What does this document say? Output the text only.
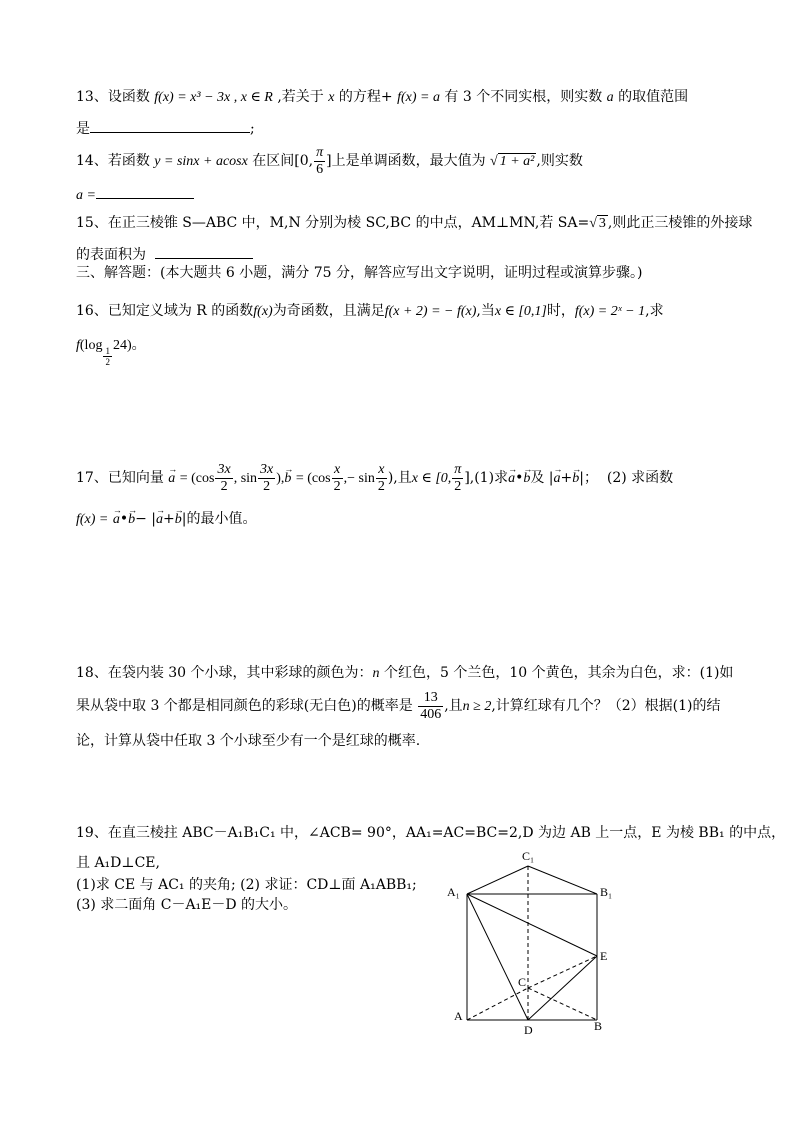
13、设函数 f(x) = x³ − 3x , x ∈ R ,若关于 x 的方程+ f(x) = a 有 3 个不同实根，则实数 a 的取值范围
是	;
14、若函数 y = sinx + acosx 在区间[0, $\frac{\pi}{6}$ ]上是单调函数，最大值为 √ 1 + a² ,则实数
a =
15、在正三棱锥 S—ABC 中，M,N 分别为棱 SC,BC 的中点，AM⊥MN,若 SA=√ 3 ,则此正三棱锥的外接球
的表面积为
三、解答题：(本大题共 6 小题，满分 75 分，解答应写出文字说明，证明过程或演算步骤。)
16、已知定义域为 R 的函数f(x)为奇函数，且满足f(x + 2) = − f(x),当x ∈ [0,1]时，f(x) = 2ˣ − 1,求
f(log
$\frac{1}{2}$
24)。
17、已知向量 → $a = (\cos \frac{3x}{2}$ , $\sin \frac{3x}{2}$ ),→ $b = (\cos \frac{x}{2}$ ,− $\sin \frac{x}{2}$ ),且x ∈ [0, $\frac{\pi}{2} ],(1)$求→ a•→ b及 |→ a+→ b|； (2) 求函数
f(x) = → a•→ b− |→ a+→ b|的最小值。
18、在袋内装 30 个小球，其中彩球的颜色为：n 个红色，5 个兰色，10 个黄色，其余为白色，求：(1)如
果从袋中取 3 个都是相同颜色的彩球(无白色)的概率是 $\frac{13}{406}$ ,且n ≥ 2,计算红球有几个？（2）根据(1)的结
论，计算从袋中任取 3 个小球至少有一个是红球的概率.
19、在直三棱拄 ABC－A₁B₁C₁ 中，∠ACB= 90°，AA₁=AC=BC=2,D 为边 AB 上一点，E 为棱 BB₁ 的中点，
且 A₁D⊥CE,
(1)求 CE 与 AC₁ 的夹角; (2) 求证：CD⊥面 A₁ABB₁;
(3) 求二面角 C－A₁E－D 的大小。
A₁
C₁
B₁
E
C
A
D	B
